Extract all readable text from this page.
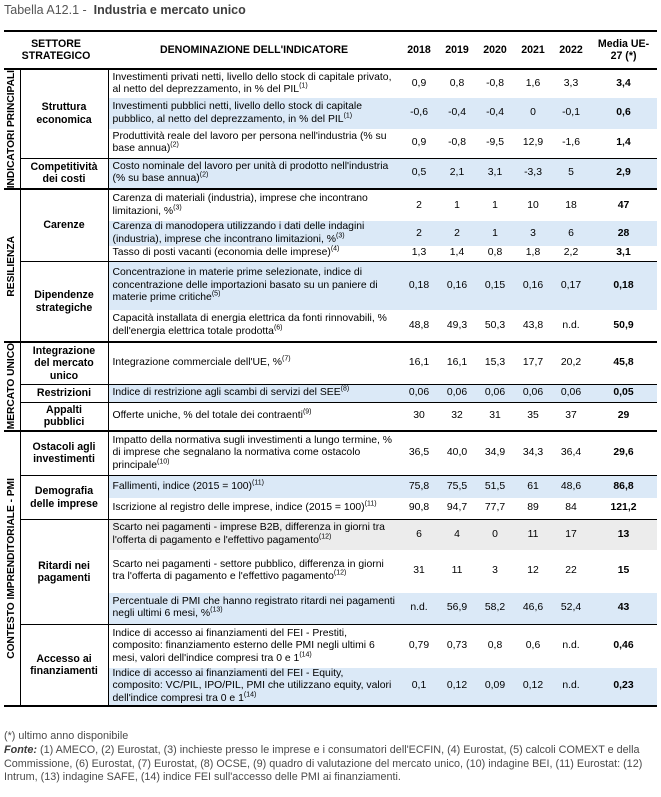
Tabella A12.1 - Industria e mercato unico
SETTORE STRATEGICO		DENOMINAZIONE DELL'INDICATORE	2018	2019	2020	2021	2022	Media UE-27 (*)

INDICATORI PRINCIPALI	Struttura economica	Investimenti privati netti, livello dello stock di capitale privato, al netto del deprezzamento, in % del PIL$^{(1)}$	0,9	0,8	-0,8	1,6	3,3	3,4
		Investimenti pubblici netti, livello dello stock di capitale pubblico, al netto del deprezzamento, in % del PIL$^{(1)}$	-0,6	-0,4	-0,4	0	-0,1	0,6
		Produttività reale del lavoro per persona nell'industria (% su base annua)$^{(2)}$	0,9	-0,8	-9,5	12,9	-1,6	1,4
	Competitività dei costi	Costo nominale del lavoro per unità di prodotto nell'industria (% su base annua)$^{(2)}$	0,5	2,1	3,1	-3,3	5	2,9

RESILIENZA	Carenze	Carenza di materiali (industria), imprese che incontrano limitazioni, %$^{(3)}$	2	1	1	10	18	47
		Carenza di manodopera utilizzando i dati delle indagini (industria), imprese che incontrano limitazioni, %$^{(3)}$	2	2	1	3	6	28
		Tasso di posti vacanti (economia delle imprese)$^{(4)}$	1,3	1,4	0,8	1,8	2,2	3,1
	Dipendenze strategiche	Concentrazione in materie prime selezionate, indice di concentrazione delle importazioni basato su un paniere di materie prime critiche$^{(5)}$	0,18	0,16	0,15	0,16	0,17	0,18
		Capacità installata di energia elettrica da fonti rinnovabili, % dell'energia elettrica totale prodotta$^{(6)}$	48,8	49,3	50,3	43,8	n.d.	50,9

MERCATO UNICO	Integrazione del mercato unico	Integrazione commerciale dell'UE, %$^{(7)}$	16,1	16,1	15,3	17,7	20,2	45,8
	Restrizioni	Indice di restrizione agli scambi di servizi del SEE$^{(8)}$	0,06	0,06	0,06	0,06	0,06	0,05
	Appalti pubblici	Offerte uniche, % del totale dei contraenti$^{(9)}$	30	32	31	35	37	29

CONTESTO IMPRENDITORIALE - PMI	Ostacoli agli investimenti	Impatto della normativa sugli investimenti a lungo termine, % di imprese che segnalano la normativa come ostacolo principale$^{(10)}$	36,5	40,0	34,9	34,3	36,4	29,6
	Demografia delle imprese	Fallimenti, indice (2015 = 100)$^{(11)}$	75,8	75,5	51,5	61	48,6	86,8
		Iscrizione al registro delle imprese, indice (2015 = 100)$^{(11)}$	90,8	94,7	77,7	89	84	121,2
	Ritardi nei pagamenti	Scarto nei pagamenti - imprese B2B, differenza in giorni tra l'offerta di pagamento e l'effettivo pagamento$^{(12)}$	6	4	0	11	17	13
		Scarto nei pagamenti - settore pubblico, differenza in giorni tra l'offerta di pagamento e l'effettivo pagamento$^{(12)}$	31	11	3	12	22	15
		Percentuale di PMI che hanno registrato ritardi nei pagamenti negli ultimi 6 mesi, %$^{(13)}$	n.d.	56,9	58,2	46,6	52,4	43
	Accesso ai finanziamenti	Indice di accesso ai finanziamenti del FEI - Prestiti, composito: finanziamento esterno delle PMI negli ultimi 6 mesi, valori dell'indice compresi tra 0 e 1$^{(14)}$	0,79	0,73	0,8	0,6	n.d.	0,46
		Indice di accesso ai finanziamenti del FEI - Equity, composito: VC/PIL, IPO/PIL, PMI che utilizzano equity, valori dell'indice compresi tra 0 e 1$^{(14)}$	0,1	0,12	0,09	0,12	n.d.	0,23
(*) ultimo anno disponibile
Fonte: (1) AMECO, (2) Eurostat, (3) inchieste presso le imprese e i consumatori dell'ECFIN, (4) Eurostat, (5) calcoli COMEXT e della Commissione, (6) Eurostat, (7) Eurostat, (8) OCSE, (9) quadro di valutazione del mercato unico, (10) indagine BEI, (11) Eurostat: (12) Intrum, (13) indagine SAFE, (14) indice FEI sull'accesso delle PMI ai finanziamenti.
